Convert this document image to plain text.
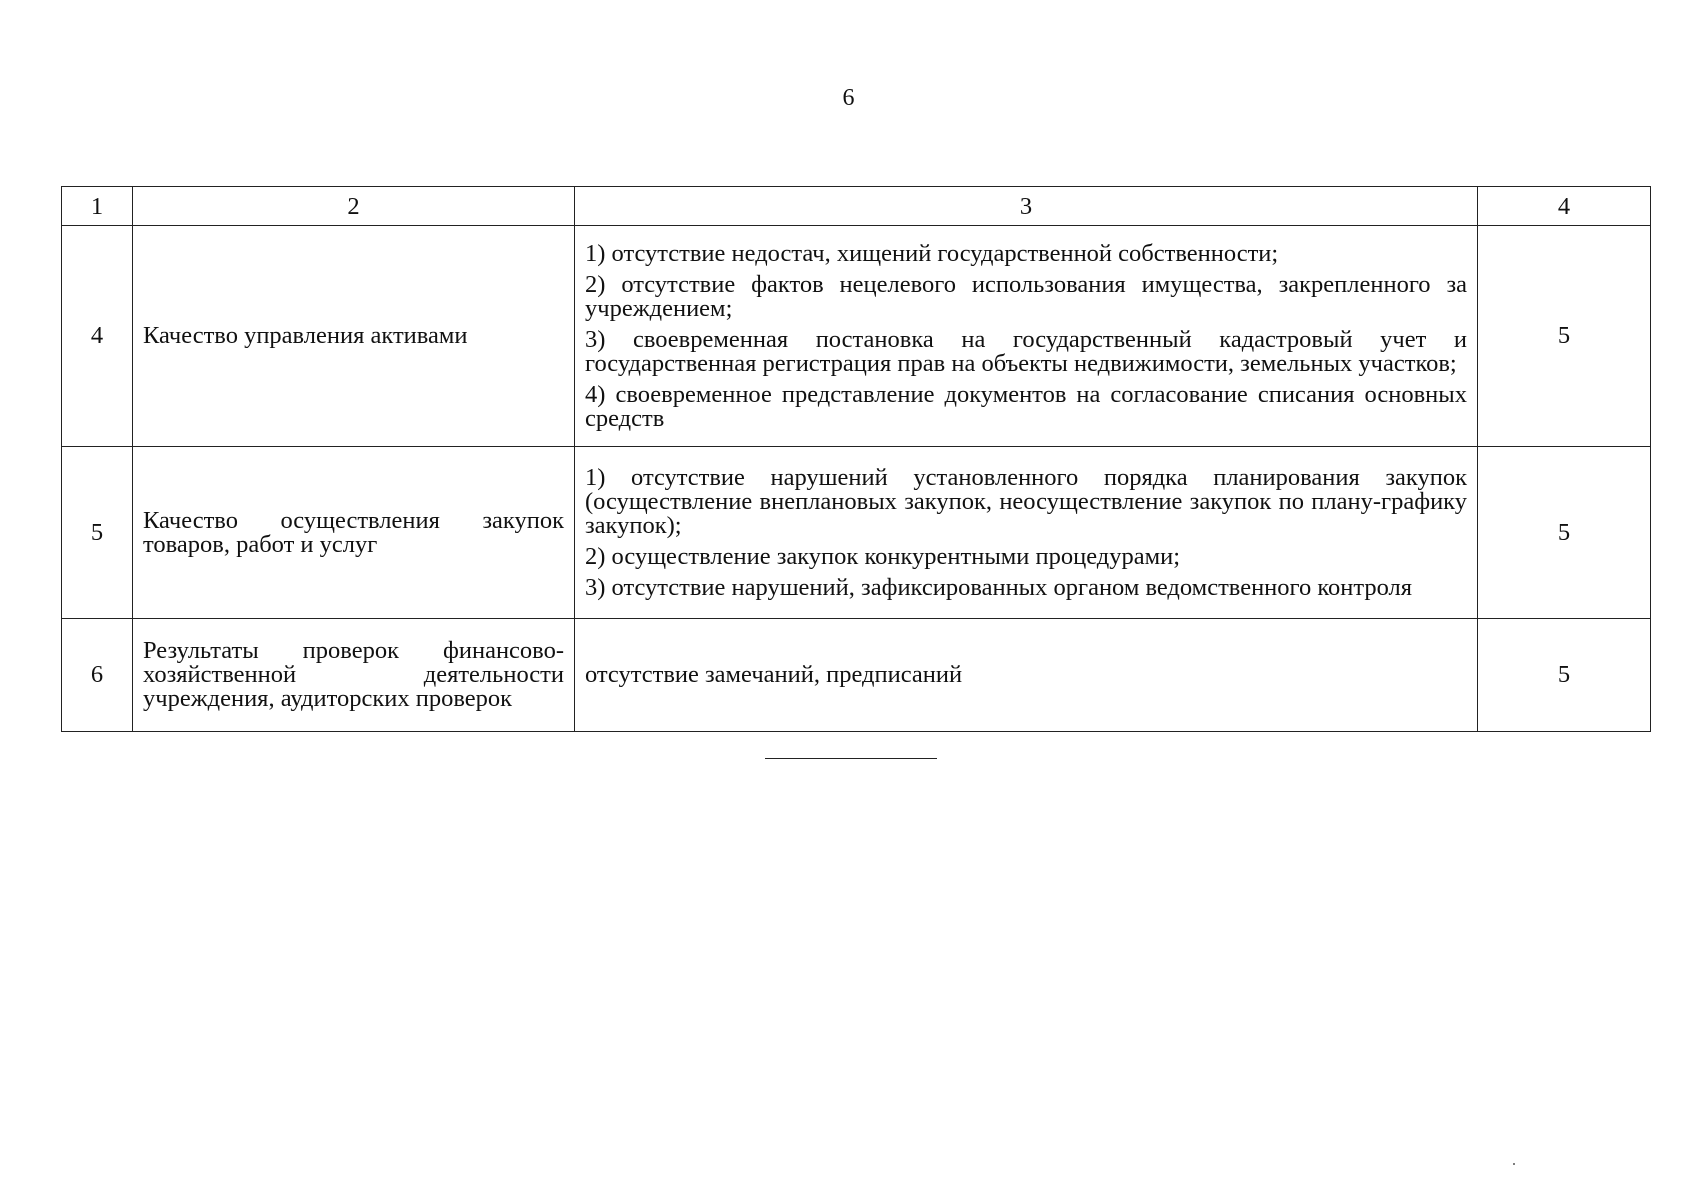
6
1	2	3	4
4	Качество управления активами	1) отсутствие недостач, хищений государственной собственности;
2) отсутствие фактов нецелевого использования имущества, закрепленного за учреждением;
3) своевременная постановка на государственный кадастровый учет и государственная регистрация прав на объекты недвижимости, земельных участков;
4) своевременное представление документов на согласование списания основных средств	5
5	Качество осуществления закупок товаров, работ и услуг	1) отсутствие нарушений установленного порядка планирования закупок (осуществление внеплановых закупок, неосуществление закупок по плану-графику закупок);
2) осуществление закупок конкурентными процедурами;
3) отсутствие нарушений, зафиксированных органом ведомственного контроля	5
6	Результаты проверок финансово-хозяйственной деятельности учреждения, аудиторских проверок	отсутствие замечаний, предписаний	5
